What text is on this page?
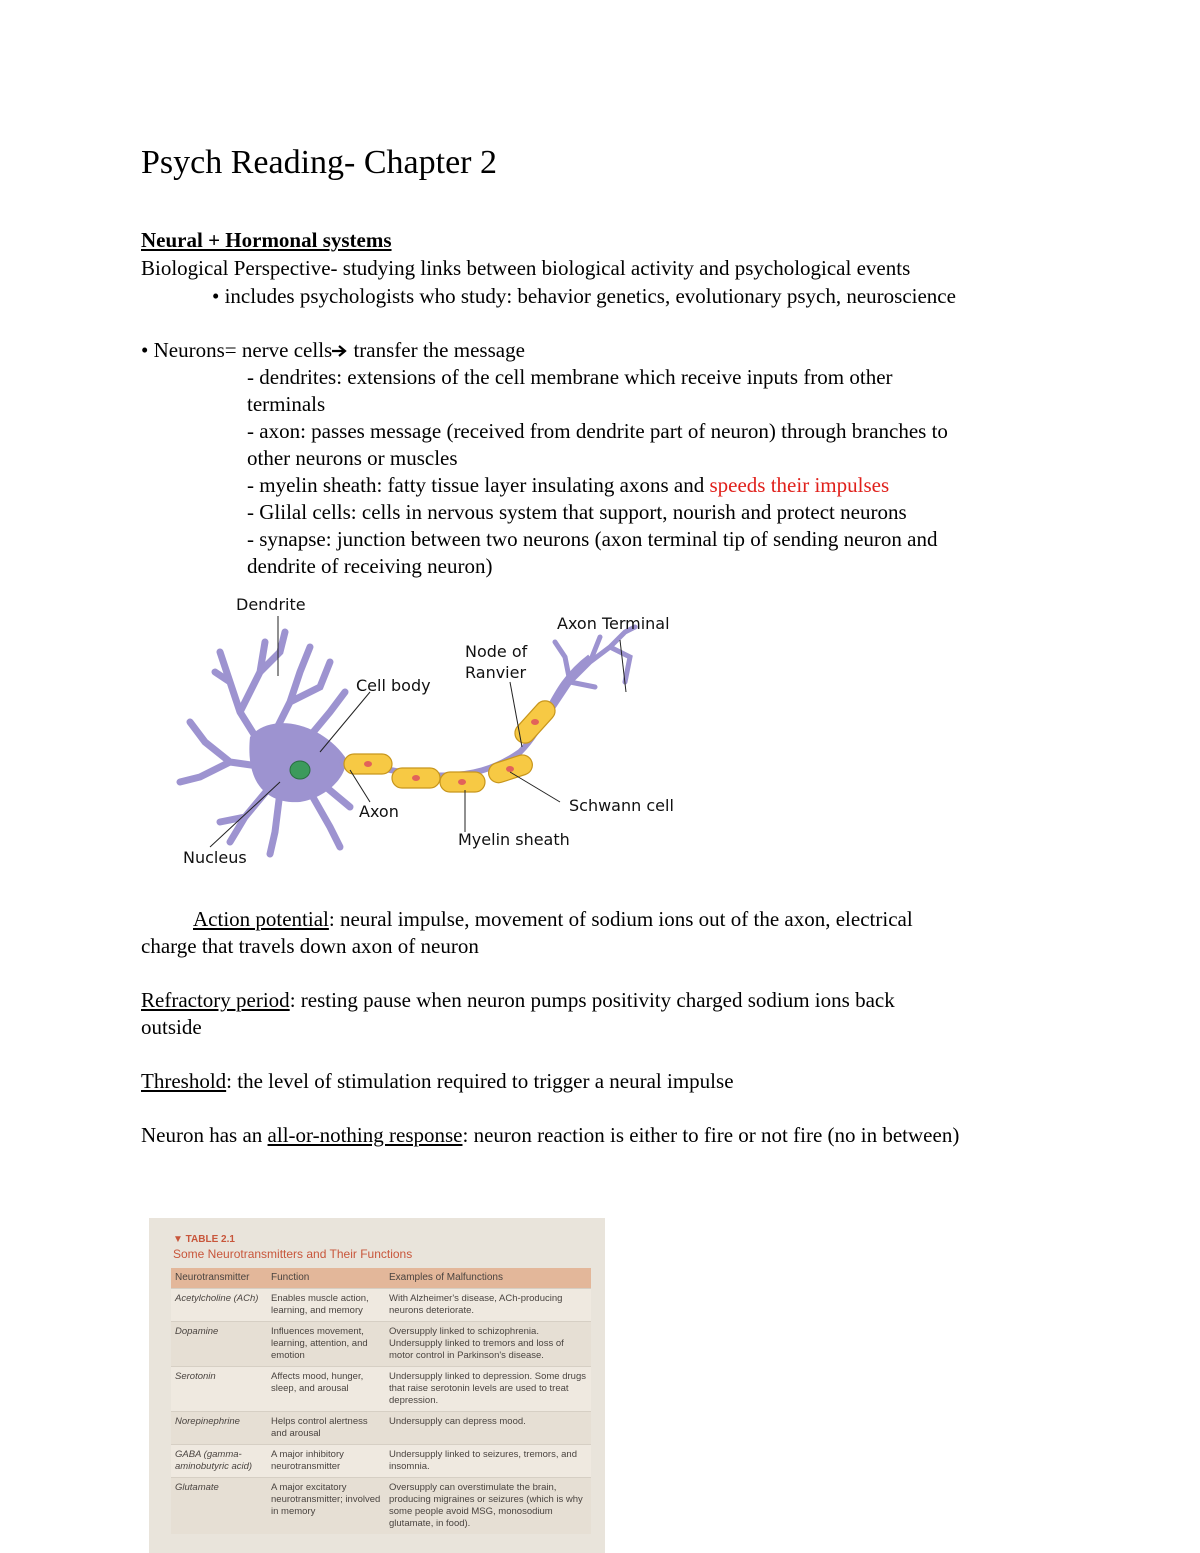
Psych Reading- Chapter 2
Neural + Hormonal systems
Biological Perspective- studying links between biological activity and psychological events
• includes psychologists who study: behavior genetics, evolutionary psych, neuroscience
• Neurons= nerve cells transfer the message
- dendrites: extensions of the cell membrane which receive inputs from other
terminals
- axon: passes message (received from dendrite part of neuron) through branches to
other neurons or muscles
- myelin sheath: fatty tissue layer insulating axons and speeds their impulses
- Glilal cells: cells in nervous system that support, nourish and protect neurons
- synapse: junction between two neurons (axon terminal tip of sending neuron and
dendrite of receiving neuron)
Dendrite
Cell body
Node of
Ranvier
Axon Terminal
Schwann cell
Axon
Myelin sheath
Nucleus
Action potential: neural impulse, movement of sodium ions out of the axon, electrical
charge that travels down axon of neuron
Refractory period: resting pause when neuron pumps positivity charged sodium ions back
outside
Threshold: the level of stimulation required to trigger a neural impulse
Neuron has an all-or-nothing response: neuron reaction is either to fire or not fire (no in between)
▼ TABLE 2.1
Some Neurotransmitters and Their Functions
Neurotransmitter	Function	Examples of Malfunctions
Acetylcholine (ACh)	Enables muscle action, learning, and memory	With Alzheimer's disease, ACh-producing neurons deteriorate.
Dopamine	Influences movement, learning, attention, and emotion	Oversupply linked to schizophrenia. Undersupply linked to tremors and loss of motor control in Parkinson's disease.
Serotonin	Affects mood, hunger, sleep, and arousal	Undersupply linked to depression. Some drugs that raise serotonin levels are used to treat depression.
Norepinephrine	Helps control alertness and arousal	Undersupply can depress mood.
GABA (gamma-aminobutyric acid)	A major inhibitory neurotransmitter	Undersupply linked to seizures, tremors, and insomnia.
Glutamate	A major excitatory neurotransmitter; involved in memory	Oversupply can overstimulate the brain, producing migraines or seizures (which is why some people avoid MSG, monosodium glutamate, in food).
